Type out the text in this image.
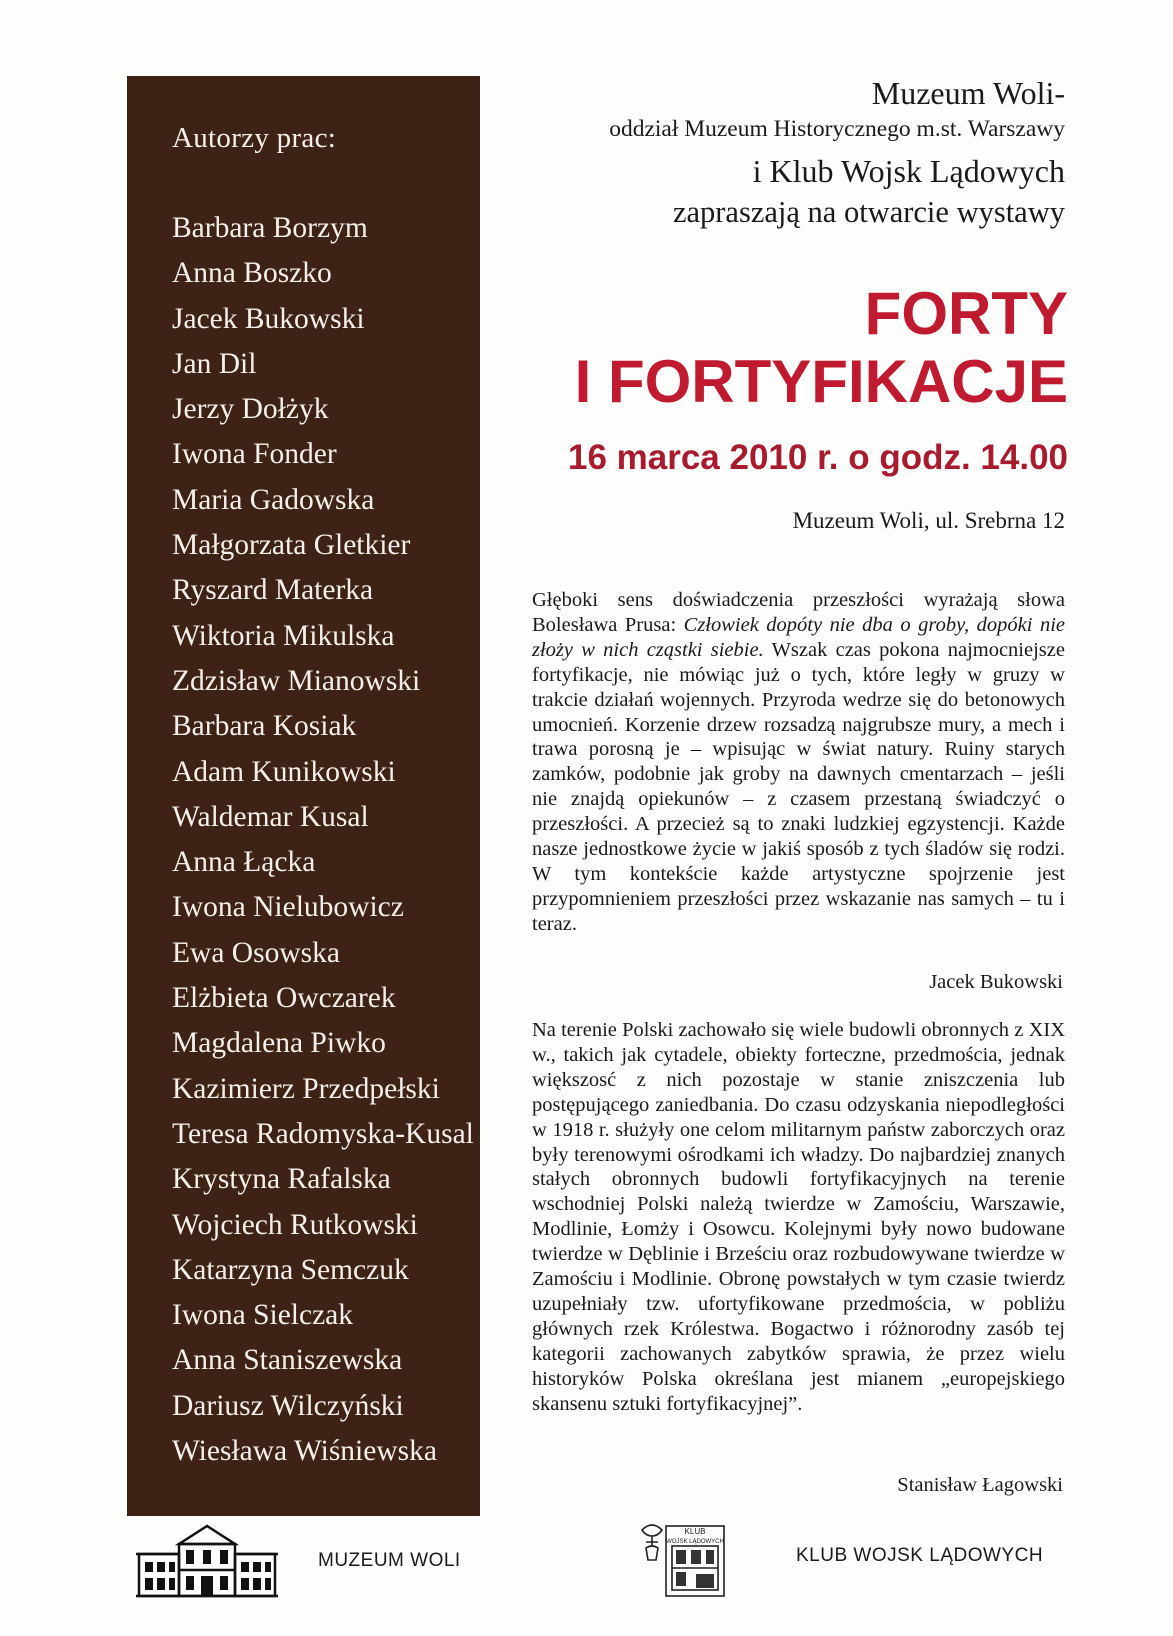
Autorzy prac:
Barbara Borzym
Anna Boszko
Jacek Bukowski
Jan Dil
Jerzy Dołżyk
Iwona Fonder
Maria Gadowska
Małgorzata Gletkier
Ryszard Materka
Wiktoria Mikulska
Zdzisław Mianowski
Barbara Kosiak
Adam Kunikowski
Waldemar Kusal
Anna Łącka
Iwona Nielubowicz
Ewa Osowska
Elżbieta Owczarek
Magdalena Piwko
Kazimierz Przedpełski
Teresa Radomyska-Kusal
Krystyna Rafalska
Wojciech Rutkowski
Katarzyna Semczuk
Iwona Sielczak
Anna Staniszewska
Dariusz Wilczyński
Wiesława Wiśniewska
Muzeum Woli-
oddział Muzeum Historycznego m.st. Warszawy
i Klub Wojsk Lądowych
zapraszają na otwarcie wystawy
FORTY
I FORTYFIKACJE
16 marca 2010 r. o godz. 14.00
Muzeum Woli, ul. Srebrna 12
Głęboki sens doświadczenia przeszłości wyrażają słowa Bolesława Prusa: Człowiek dopóty nie dba o groby, dopóki nie złoży w nich cząstki siebie. Wszak czas pokona najmocniejsze fortyfikacje, nie mówiąc już o tych, które legły w gruzy w trakcie działań wojennych. Przyroda wedrze się do betonowych umocnień. Korzenie drzew rozsadzą najgrubsze mury, a mech i trawa porosną je – wpisując w świat natury. Ruiny starych zamków, podobnie jak groby na dawnych cmentarzach – jeśli nie znajdą opiekunów – z czasem przestaną świadczyć o przeszłości. A przecież są to znaki ludzkiej egzystencji. Każde nasze jednostkowe życie w jakiś sposób z tych śladów się rodzi. W tym kontekście każde artystyczne spojrzenie jest przypomnieniem przeszłości przez wskazanie nas samych – tu i teraz.
Jacek Bukowski
Na terenie Polski zachowało się wiele budowli obronnych z XIX w., takich jak cytadele, obiekty forteczne, przedmościa, jednak większosć z nich pozostaje w stanie zniszczenia lub postępującego zaniedbania. Do czasu odzyskania niepodległości w 1918 r. służyły one celom militarnym państw zaborczych oraz były terenowymi ośrodkami ich władzy. Do najbardziej znanych stałych obronnych budowli fortyfikacyjnych na terenie wschodniej Polski należą twierdze w Zamościu, Warszawie, Modlinie, Łomży i Osowcu. Kolejnymi były nowo budowane twierdze w Dęblinie i Brześciu oraz rozbudowywane twierdze w Zamościu i Modlinie. Obronę powstałych w tym czasie twierdz uzupełniały tzw. ufortyfikowane przedmościa, w pobliżu głównych rzek Królestwa. Bogactwo i różnorodny zasób tej kategorii zachowanych zabytków sprawia, że przez wielu historyków Polska określana jest mianem „europejskiego skansenu sztuki fortyfikacyjnej”.
Stanisław Łagowski
MUZEUM WOLI
KLUB
WOJSK LĄDOWYCH
KLUB WOJSK LĄDOWYCH
